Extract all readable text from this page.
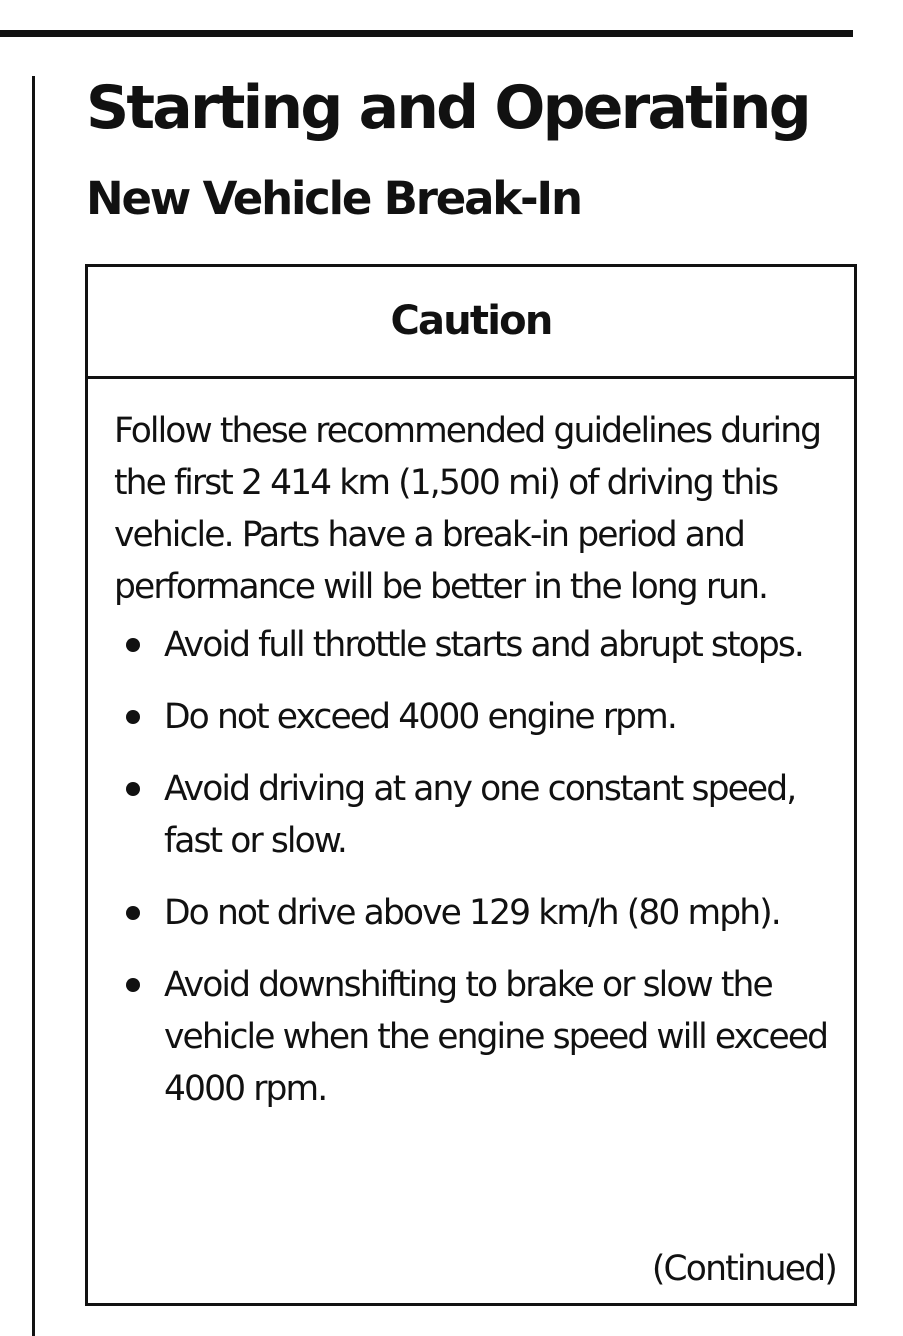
Starting and Operating
New Vehicle Break-In
Caution

Follow these recommended guidelines during the first 2 414 km (1,500 mi) of driving this vehicle. Parts have a break-in period and performance will be better in the long run.

Avoid full throttle starts and abrupt stops.
Do not exceed 4000 engine rpm.
Avoid driving at any one constant speed, fast or slow.
Do not drive above 129 km/h (80 mph).
Avoid downshifting to brake or slow the vehicle when the engine speed will exceed 4000 rpm.
(Continued)
